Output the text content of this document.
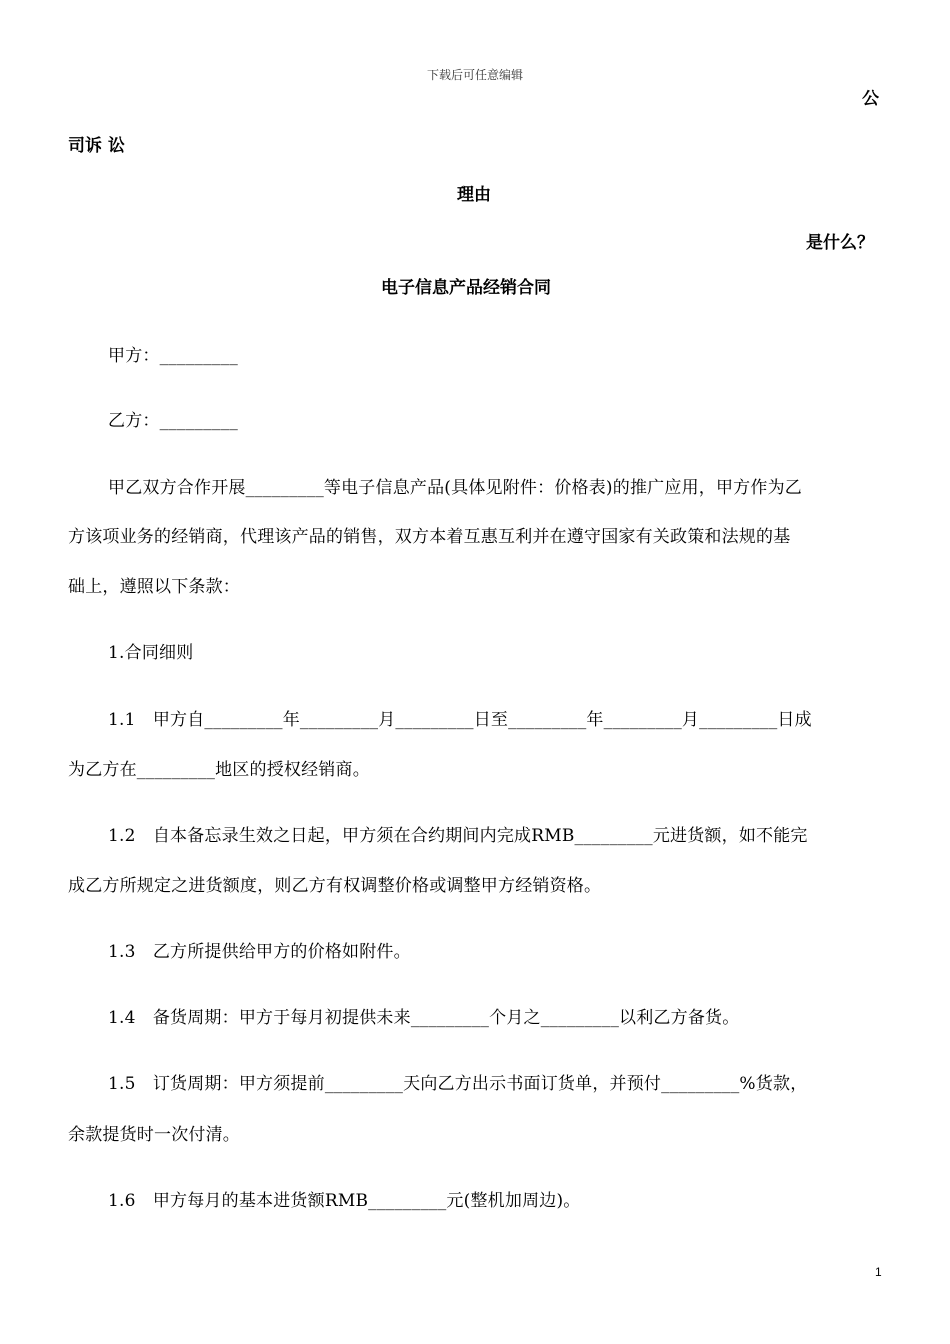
下载后可任意编辑
公
司诉 讼
理由
是什么？
电子信息产品经销合同
甲方：_________
乙方：_________
甲乙双方合作开展_________等电子信息产品(具体见附件：价格表)的推广应用，甲方作为乙
方该项业务的经销商，代理该产品的销售，双方本着互惠互利并在遵守国家有关政策和法规的基
础上，遵照以下条款：
1.合同细则
1.1　甲方自_________年_________月_________日至_________年_________月_________日成
为乙方在_________地区的授权经销商。
1.2　自本备忘录生效之日起，甲方须在合约期间内完成RMB_________元进货额，如不能完
成乙方所规定之进货额度，则乙方有权调整价格或调整甲方经销资格。
1.3　乙方所提供给甲方的价格如附件。
1.4　备货周期：甲方于每月初提供未来_________个月之_________以利乙方备货。
1.5　订货周期：甲方须提前_________天向乙方出示书面订货单，并预付_________%货款，
余款提货时一次付清。
1.6　甲方每月的基本进货额RMB_________元(整机加周边)。
1
